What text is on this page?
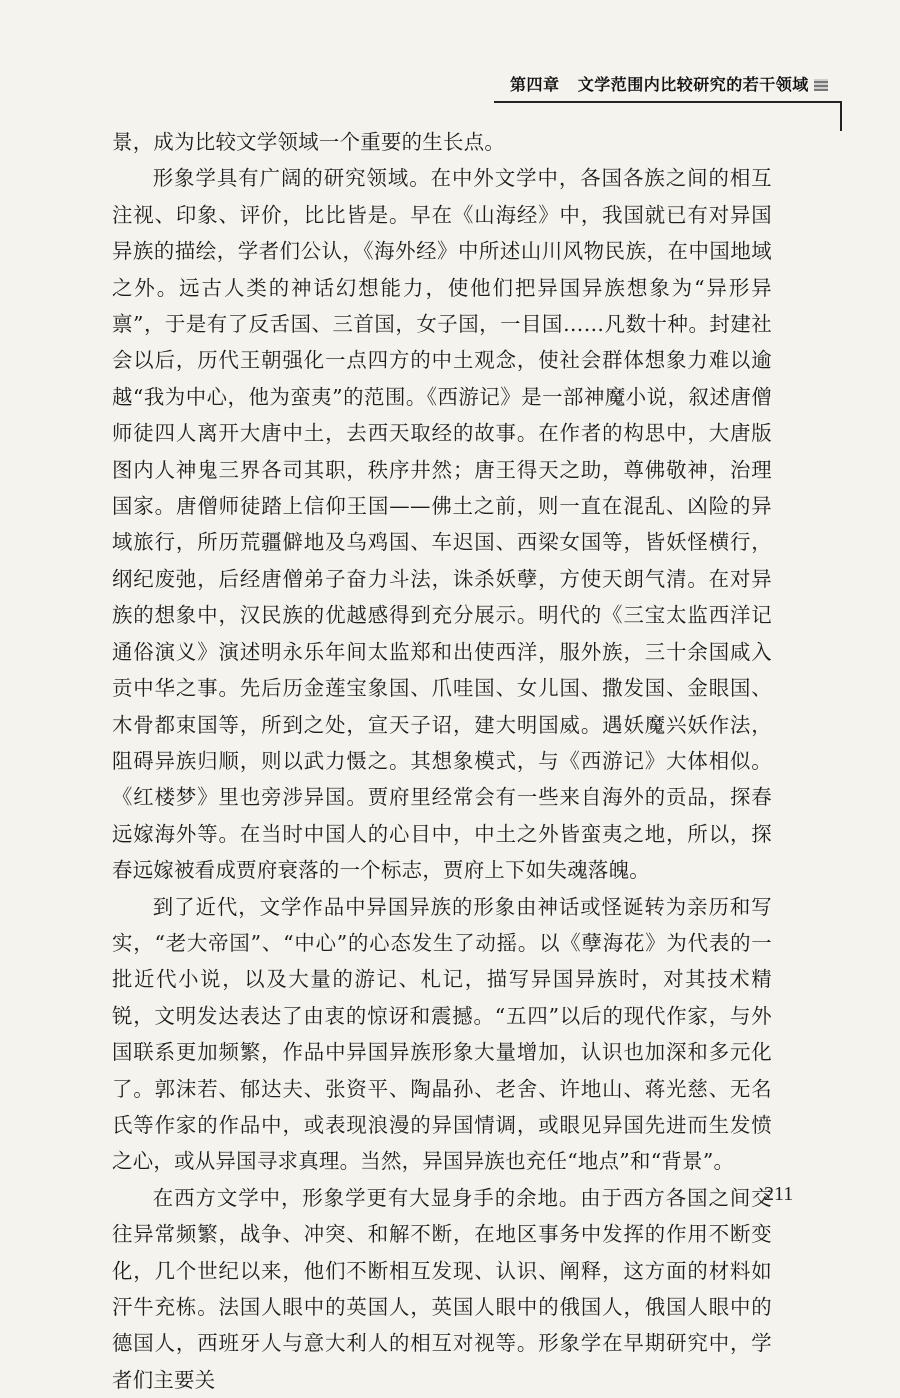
第四章 文学范围内比较研究的若干领域

景，成为比较文学领域一个重要的生长点。

形象学具有广阔的研究领域。在中外文学中，各国各族之间的相互注视、印象、评价，比比皆是。早在《山海经》中，我国就已有对异国异族的描绘，学者们公认，《海外经》中所述山川风物民族，在中国地域之外。远古人类的神话幻想能力，使他们把异国异族想象为“异形异禀”，于是有了反舌国、三首国，女子国，一目国……凡数十种。封建社会以后，历代王朝强化一点四方的中土观念，使社会群体想象力难以逾越“我为中心，他为蛮夷”的范围。《西游记》是一部神魔小说，叙述唐僧师徒四人离开大唐中土，去西天取经的故事。在作者的构思中，大唐版图内人神鬼三界各司其职，秩序井然；唐王得天之助，尊佛敬神，治理国家。唐僧师徒踏上信仰王国——佛土之前，则一直在混乱、凶险的异域旅行，所历荒疆僻地及乌鸡国、车迟国、西梁女国等，皆妖怪横行，纲纪废弛，后经唐僧弟子奋力斗法，诛杀妖孽，方使天朗气清。在对异族的想象中，汉民族的优越感得到充分展示。明代的《三宝太监西洋记通俗演义》演述明永乐年间太监郑和出使西洋，服外族，三十余国咸入贡中华之事。先后历金莲宝象国、爪哇国、女儿国、撒发国、金眼国、木骨都束国等，所到之处，宣天子诏，建大明国威。遇妖魔兴妖作法，阻碍异族归顺，则以武力慑之。其想象模式，与《西游记》大体相似。《红楼梦》里也旁涉异国。贾府里经常会有一些来自海外的贡品，探春远嫁海外等。在当时中国人的心目中，中土之外皆蛮夷之地，所以，探春远嫁被看成贾府衰落的一个标志，贾府上下如失魂落魄。

到了近代，文学作品中异国异族的形象由神话或怪诞转为亲历和写实，“老大帝国”、“中心”的心态发生了动摇。以《孽海花》为代表的一批近代小说，以及大量的游记、札记，描写异国异族时，对其技术精锐，文明发达表达了由衷的惊讶和震撼。“五四”以后的现代作家，与外国联系更加频繁，作品中异国异族形象大量增加，认识也加深和多元化了。郭沫若、郁达夫、张资平、陶晶孙、老舍、许地山、蒋光慈、无名氏等作家的作品中，或表现浪漫的异国情调，或眼见异国先进而生发愤之心，或从异国寻求真理。当然，异国异族也充任“地点”和“背景”。

在西方文学中，形象学更有大显身手的余地。由于西方各国之间交往异常频繁，战争、冲突、和解不断，在地区事务中发挥的作用不断变化，几个世纪以来，他们不断相互发现、认识、阐释，这方面的材料如汗牛充栋。法国人眼中的英国人，英国人眼中的俄国人，俄国人眼中的德国人，西班牙人与意大利人的相互对视等。形象学在早期研究中，学者们主要关

211
